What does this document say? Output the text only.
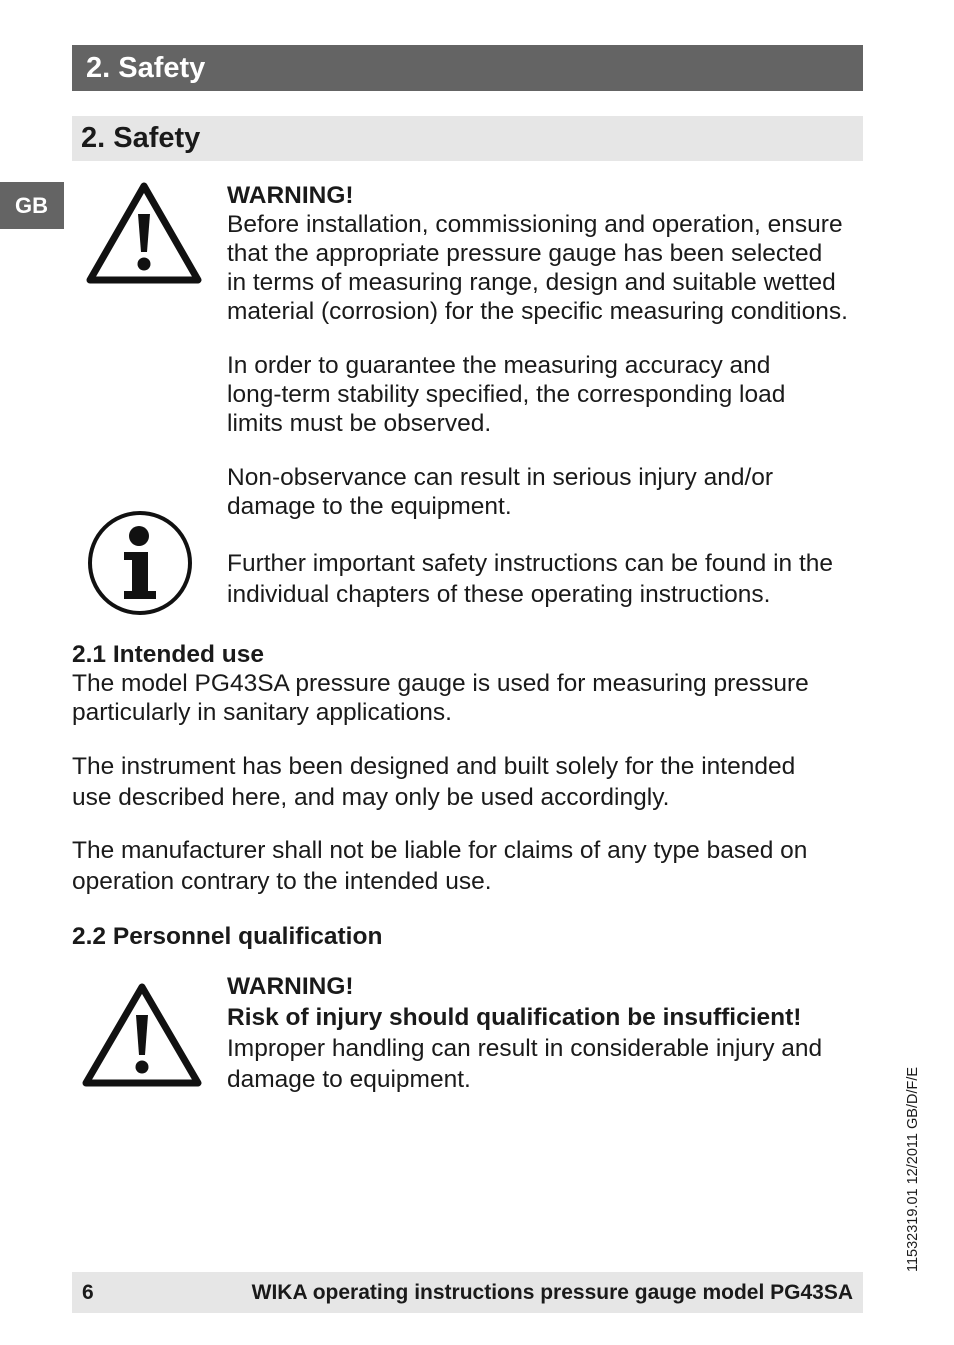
2. Safety
2. Safety
GB	WARNING!

Before installation, commissioning and operation, ensure

that the appropriate pressure gauge has been selected

in terms of measuring range, design and suitable wetted

material (corrosion) for the specific measuring conditions.

In order to guarantee the measuring accuracy and

long-term stability specified, the corresponding load

limits must be observed.

Non-observance can result in serious injury and/or

damage to the equipment.

Further important safety instructions can be found in the

individual chapters of these operating instructions.

2.1 Intended use

The model PG43SA pressure gauge is used for measuring pressure

particularly in sanitary applications.

The instrument has been designed and built solely for the intended

use described here, and may only be used accordingly.

The manufacturer shall not be liable for claims of any type based on

operation contrary to the intended use.

2.2 Personnel qualification

WARNING!

Risk of injury should qualification be insufficient!

Improper handling can result in considerable injury and

damage to equipment.	11532319.01 12/2011 GB/D/F/E
6	WIKA operating instructions pressure gauge model PG43SA
